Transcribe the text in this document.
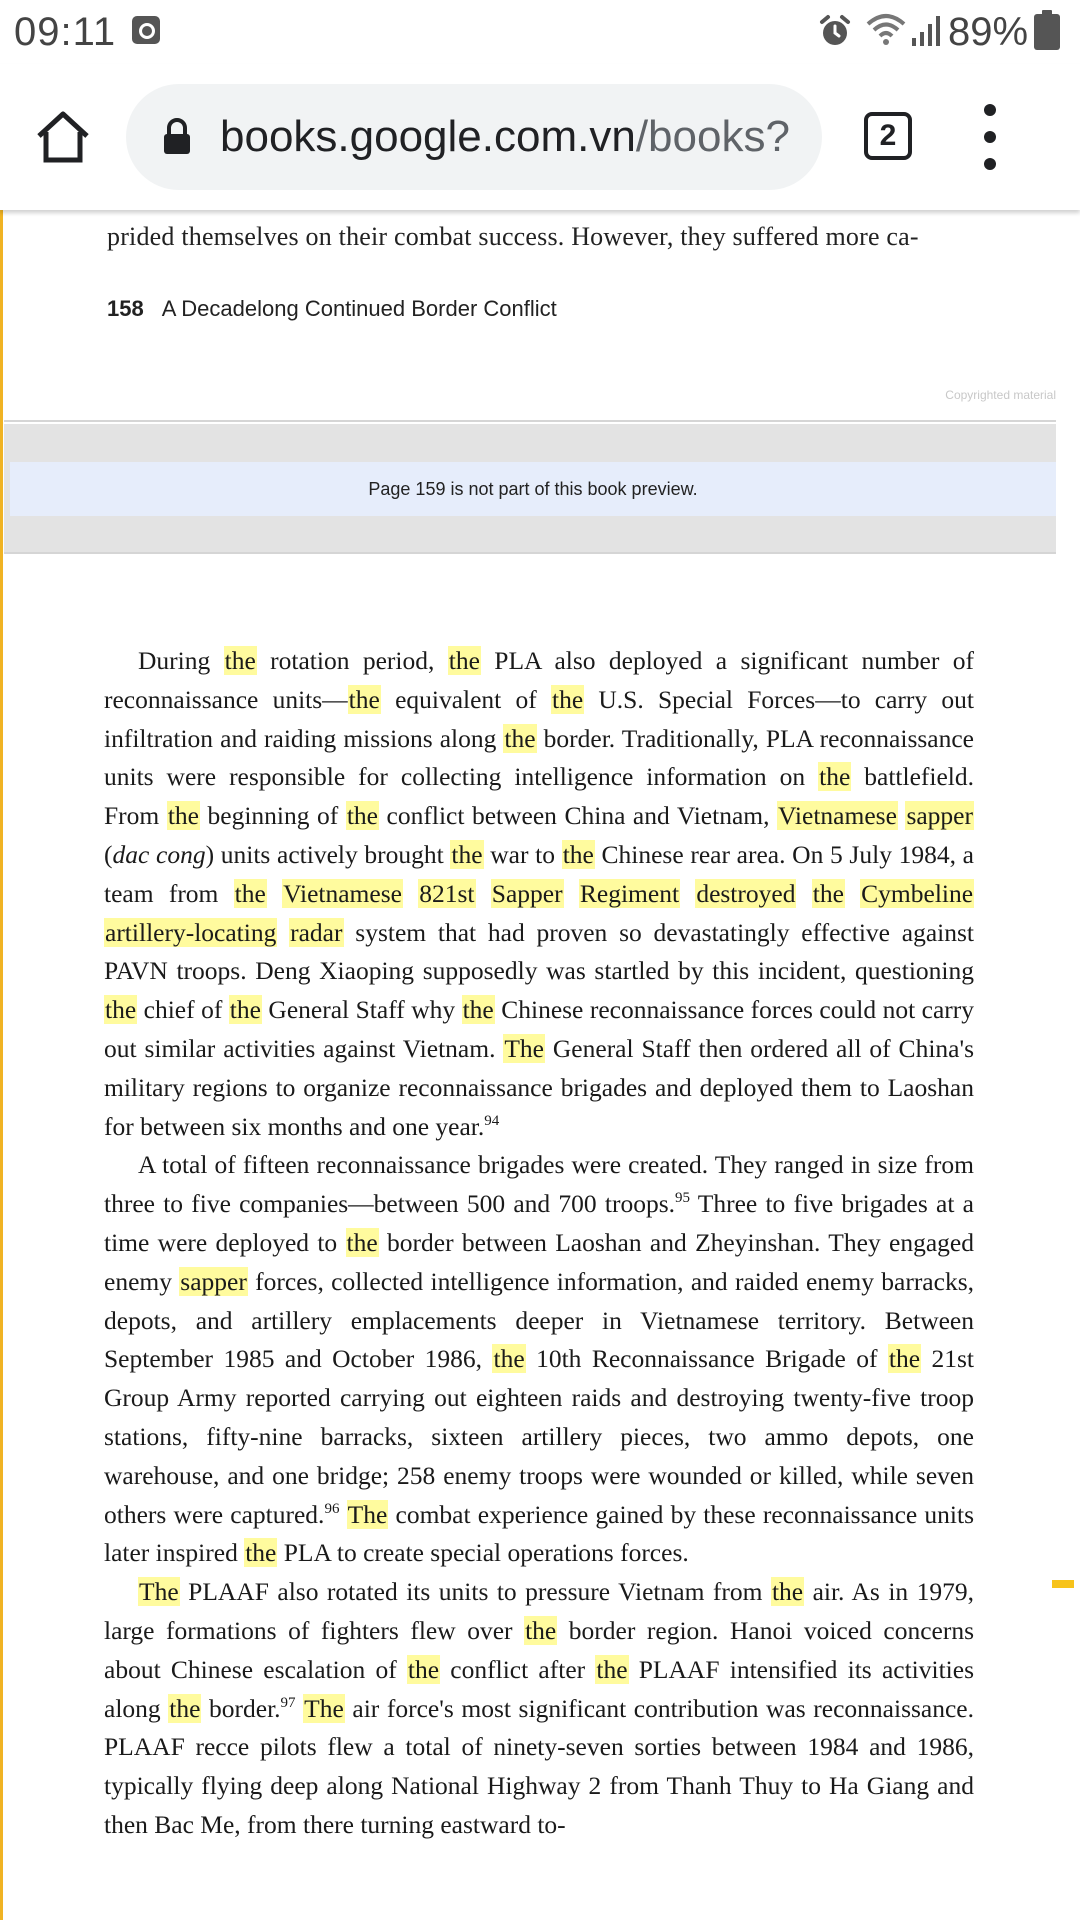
09:11	89%
books.google.com.vn/books?	2
prided themselves on their combat success. However, they suffered more ca-
158 A Decadelong Continued Border Conflict
Copyrighted material
Page 159 is not part of this book preview.

During the rotation period, the PLA also deployed a significant number of reconnaissance units—the equivalent of the U.S. Special Forces—to carry out infiltration and raiding missions along the border. Traditionally, PLA reconnaissance units were responsible for collecting intelligence information on the battlefield. From the beginning of the conflict between China and Vietnam, Vietnamese sapper (dac cong) units actively brought the war to the Chinese rear area. On 5 July 1984, a team from the Vietnamese 821st Sapper Regiment destroyed the Cymbeline artillery-locating radar system that had proven so devastatingly effective against PAVN troops. Deng Xiaoping supposedly was startled by this incident, questioning the chief of the General Staff why the Chinese reconnaissance forces could not carry out similar activities against Vietnam. The General Staff then ordered all of China's military regions to organize reconnaissance brigades and deployed them to Laoshan for between six months and one year.$^{94}$

A total of fifteen reconnaissance brigades were created. They ranged in size from three to five companies—between 500 and 700 troops.$^{95}$ Three to five brigades at a time were deployed to the border between Laoshan and Zheyinshan. They engaged enemy sapper forces, collected intelligence information, and raided enemy barracks, depots, and artillery emplacements deeper in Vietnamese territory. Between September 1985 and October 1986, the 10th Reconnaissance Brigade of the 21st Group Army reported carrying out eighteen raids and destroying twenty-five troop stations, fifty-nine barracks, sixteen artillery pieces, two ammo depots, one warehouse, and one bridge; 258 enemy troops were wounded or killed, while seven others were captured.$^{96}$ The combat experience gained by these reconnaissance units later inspired the PLA to create special operations forces.

The PLAAF also rotated its units to pressure Vietnam from the air. As in 1979, large formations of fighters flew over the border region. Hanoi voiced concerns about Chinese escalation of the conflict after the PLAAF intensified its activities along the border.$^{97}$ The air force's most significant contribution was reconnaissance. PLAAF recce pilots flew a total of ninety-seven sorties between 1984 and 1986, typically flying deep along National Highway 2 from Thanh Thuy to Ha Giang and then Bac Me, from there turning eastward to-
